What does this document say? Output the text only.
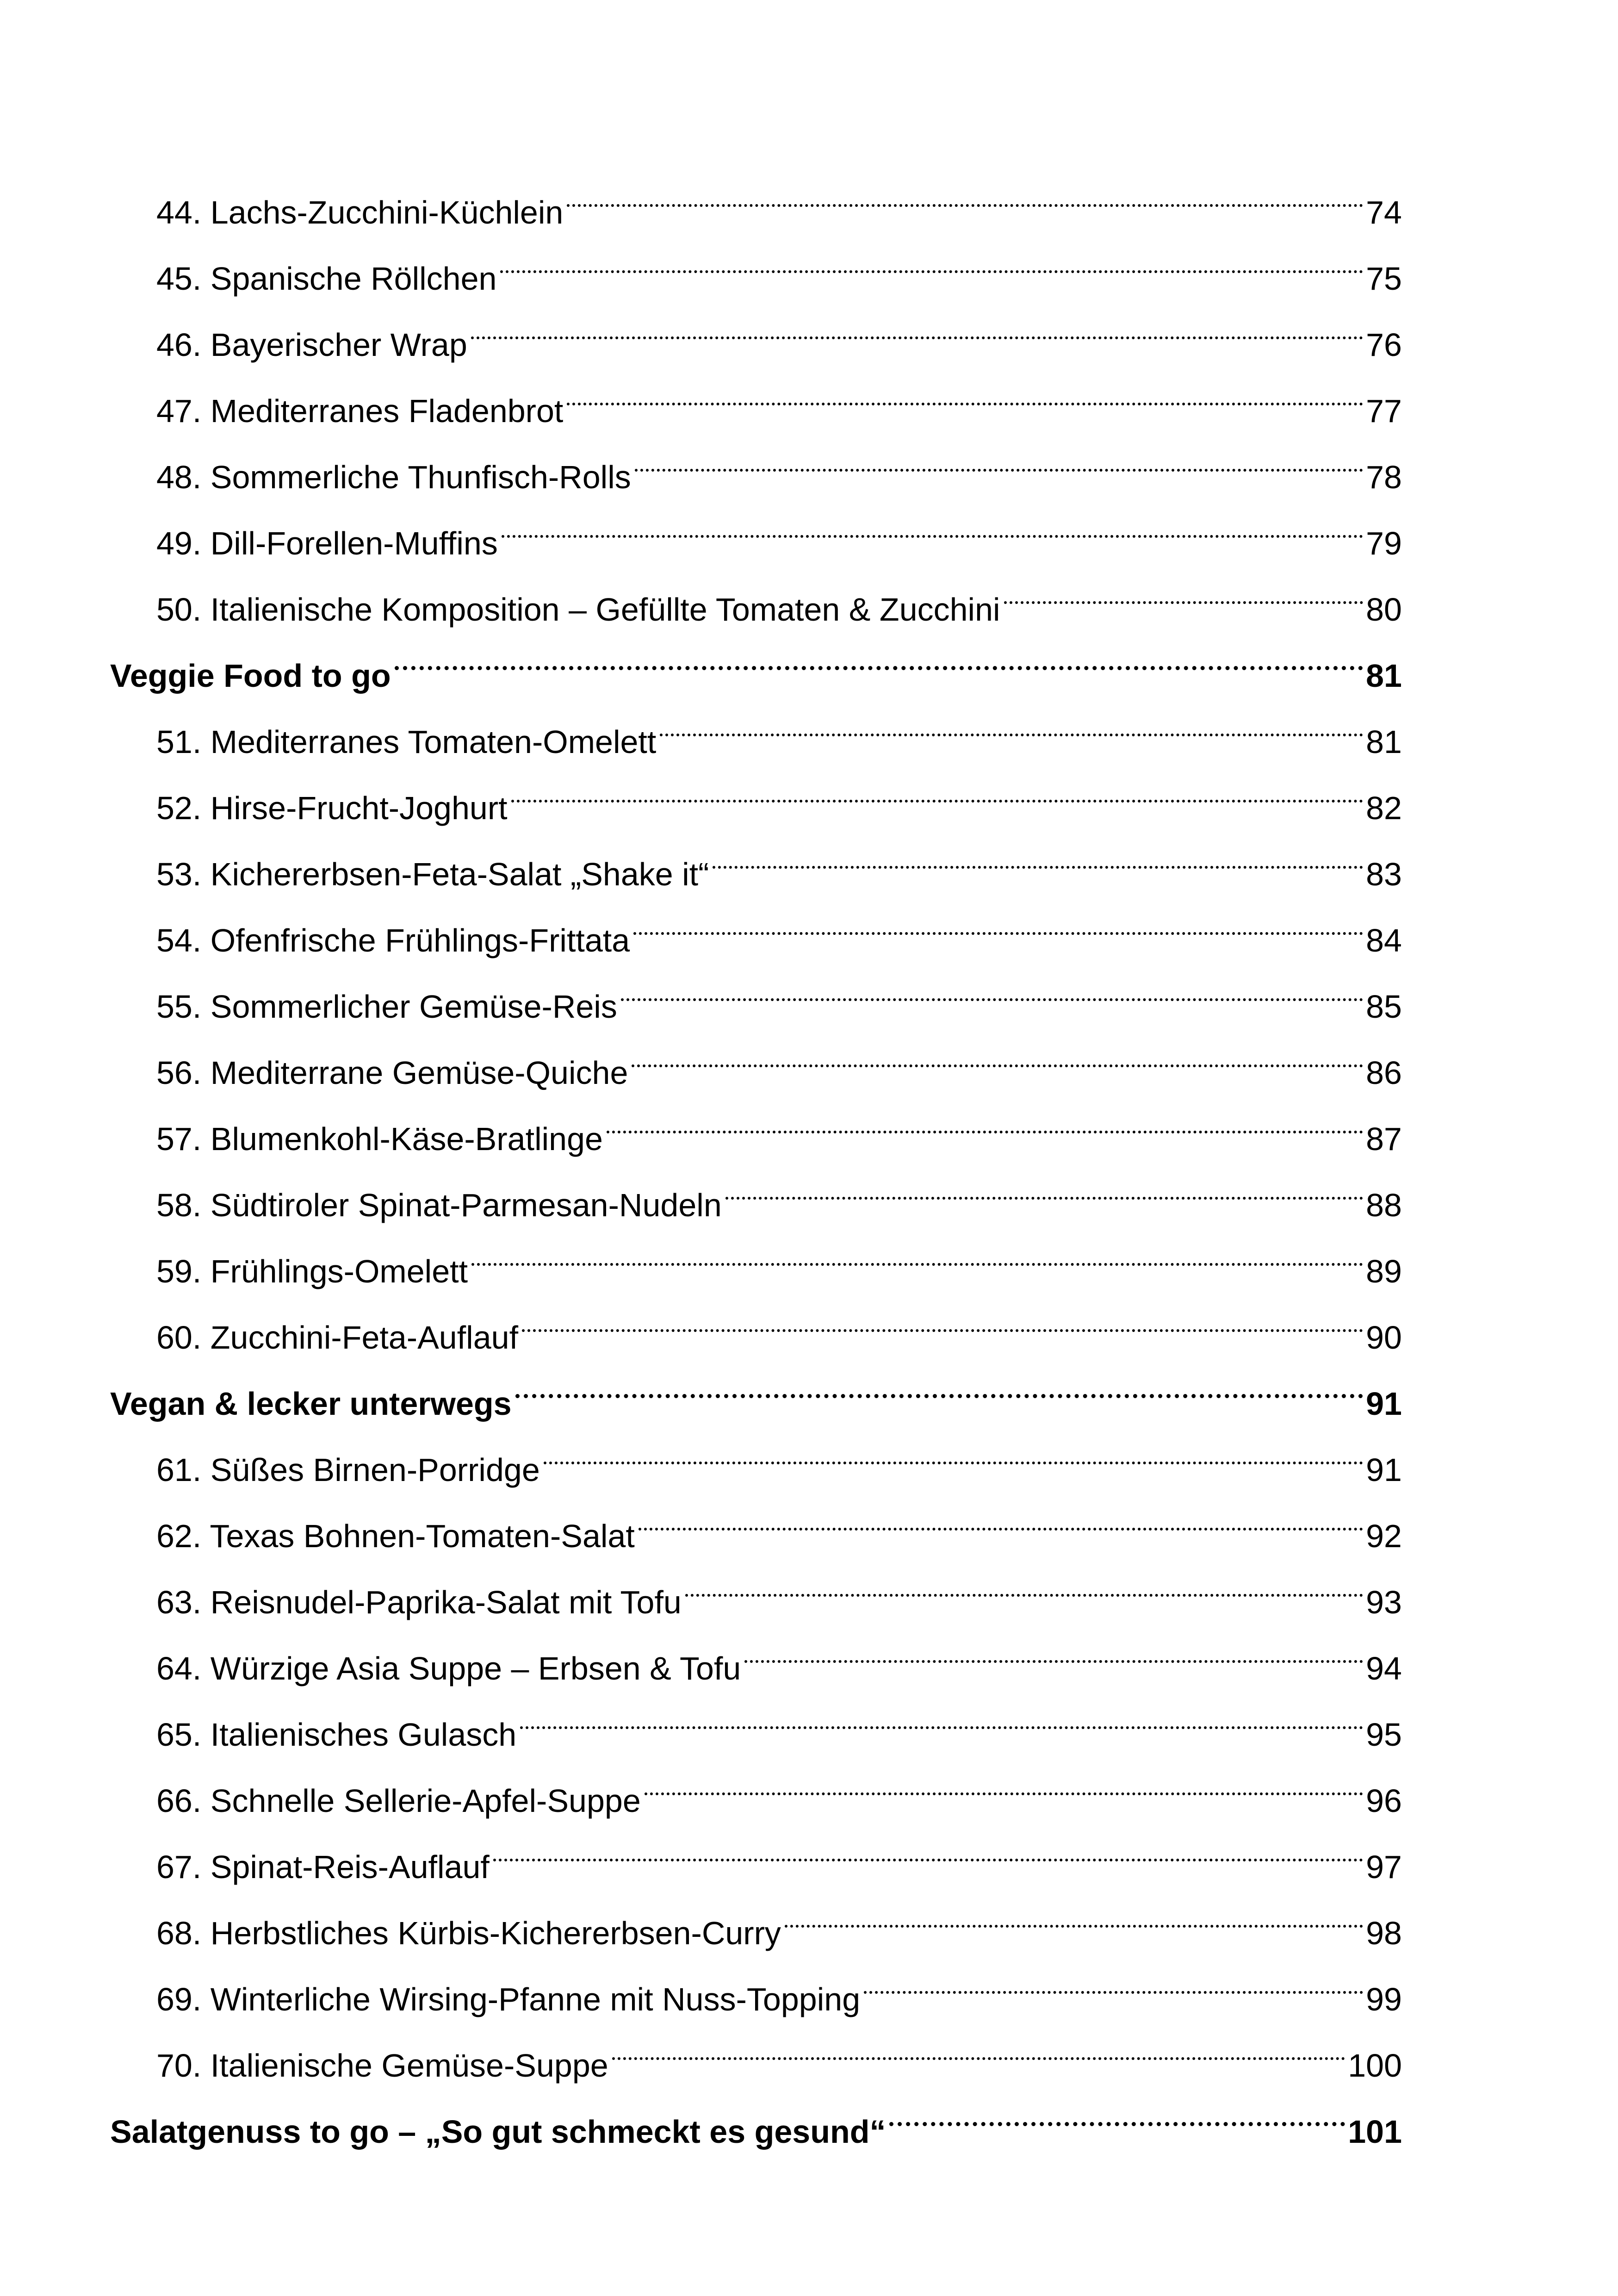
44. Lachs-Zucchini-Küchlein	74
45. Spanische Röllchen	75
46. Bayerischer Wrap	76
47. Mediterranes Fladenbrot	77
48. Sommerliche Thunfisch-Rolls	78
49. Dill-Forellen-Muffins	79
50. Italienische Komposition – Gefüllte Tomaten & Zucchini	80
Veggie Food to go	81
51. Mediterranes Tomaten-Omelett	81
52. Hirse-Frucht-Joghurt	82
53. Kichererbsen-Feta-Salat „Shake it“	83
54. Ofenfrische Frühlings-Frittata	84
55. Sommerlicher Gemüse-Reis	85
56. Mediterrane Gemüse-Quiche	86
57. Blumenkohl-Käse-Bratlinge	87
58. Südtiroler Spinat-Parmesan-Nudeln	88
59. Frühlings-Omelett	89
60. Zucchini-Feta-Auflauf	90
Vegan & lecker unterwegs	91
61. Süßes Birnen-Porridge	91
62. Texas Bohnen-Tomaten-Salat	92
63. Reisnudel-Paprika-Salat mit Tofu	93
64. Würzige Asia Suppe – Erbsen & Tofu	94
65. Italienisches Gulasch	95
66. Schnelle Sellerie-Apfel-Suppe	96
67. Spinat-Reis-Auflauf	97
68. Herbstliches Kürbis-Kichererbsen-Curry	98
69. Winterliche Wirsing-Pfanne mit Nuss-Topping	99
70. Italienische Gemüse-Suppe	100
Salatgenuss to go – „So gut schmeckt es gesund“	101
